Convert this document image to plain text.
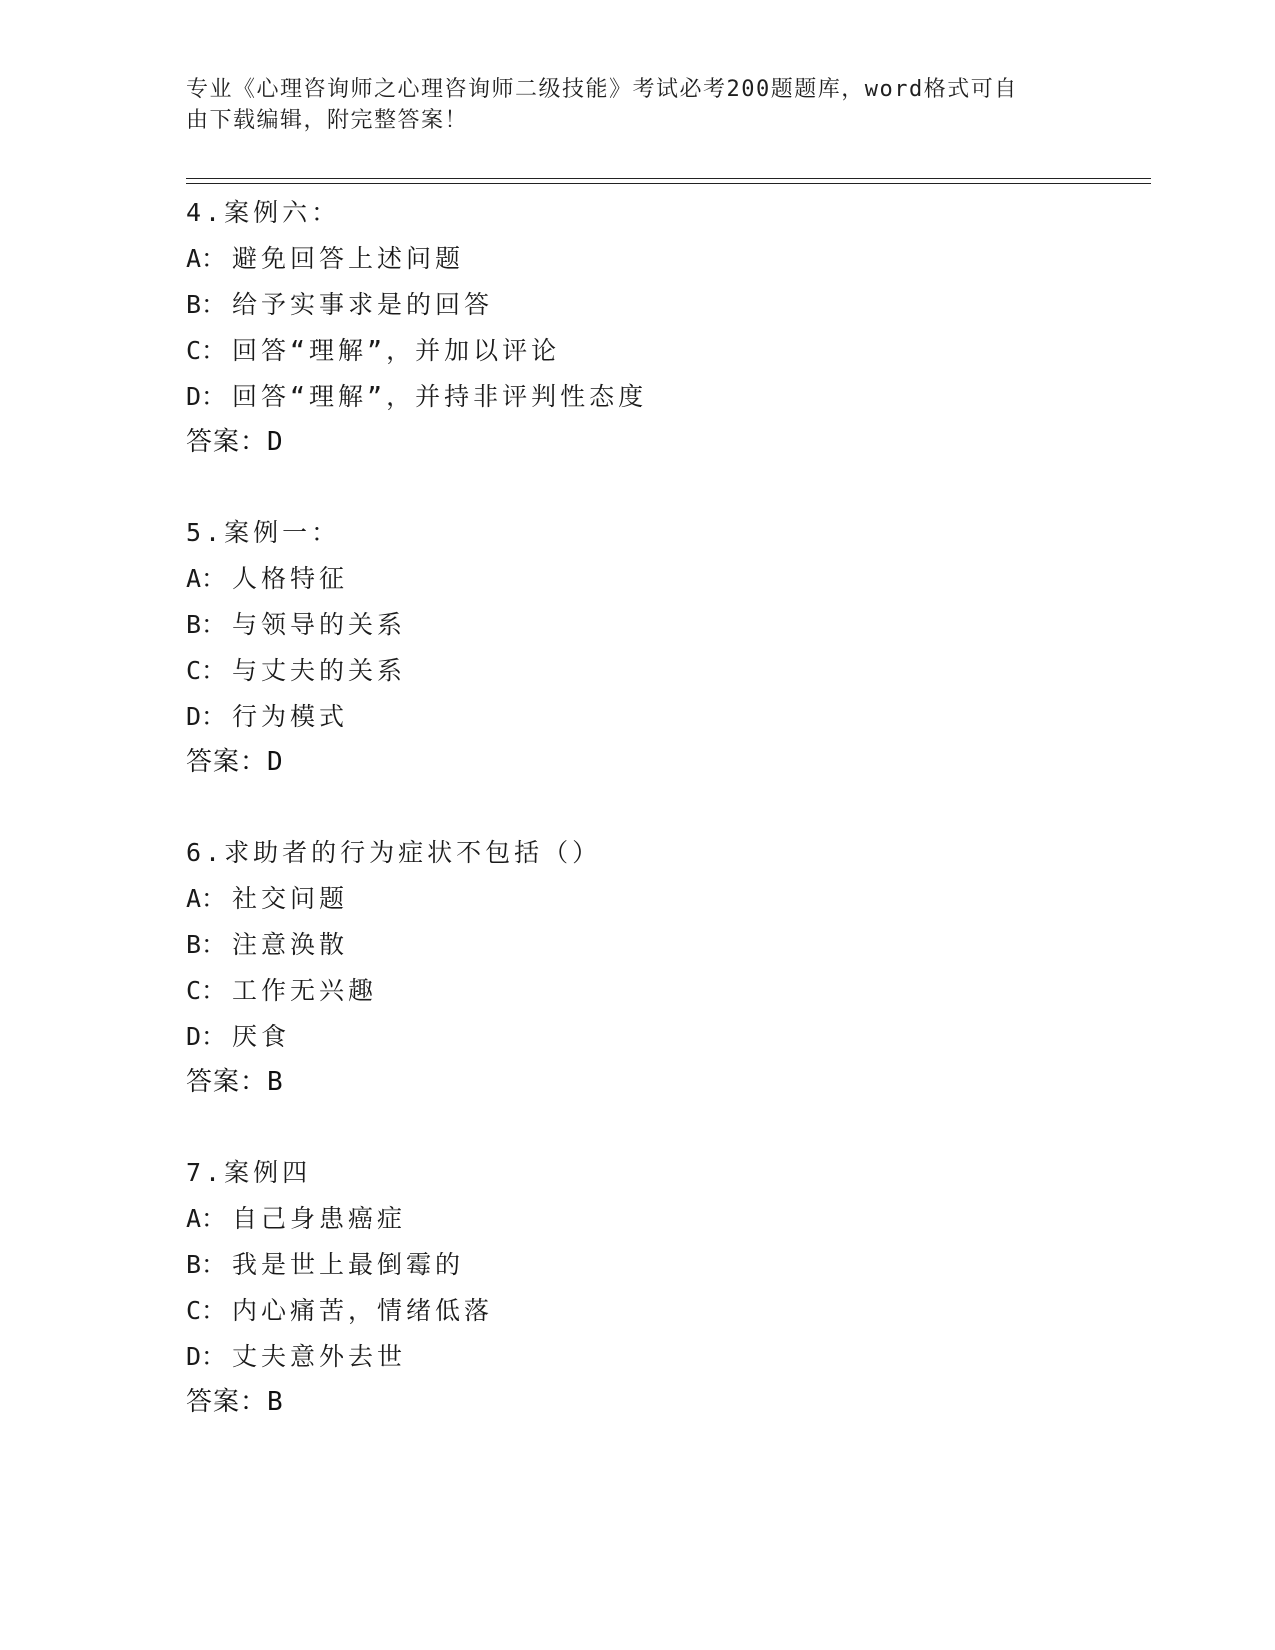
专业《心理咨询师之心理咨询师二级技能》考试必考200题题库，word格式可自
由下载编辑，附完整答案！
4.案例六：
A： 避免回答上述问题
B： 给予实事求是的回答
C： 回答“理解”，并加以评论
D： 回答“理解”，并持非评判性态度
答案：D
5.案例一：
A： 人格特征
B： 与领导的关系
C： 与丈夫的关系
D： 行为模式
答案：D
6.求助者的行为症状不包括（）
A： 社交问题
B： 注意涣散
C： 工作无兴趣
D： 厌食
答案：B
7.案例四
A： 自己身患癌症
B： 我是世上最倒霉的
C： 内心痛苦，情绪低落
D： 丈夫意外去世
答案：B
